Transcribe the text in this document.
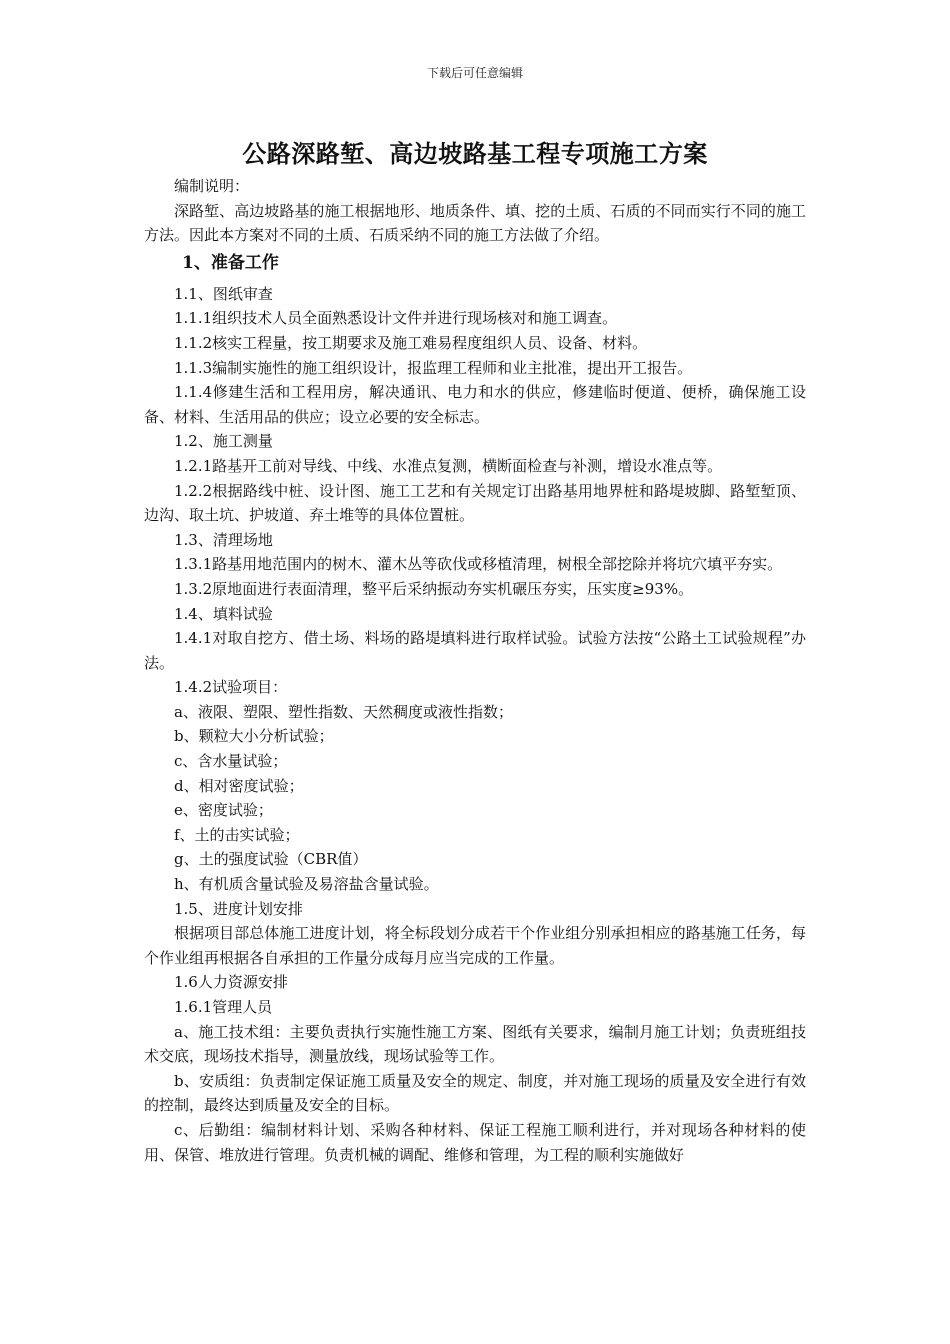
下载后可任意编辑
公路深路堑、高边坡路基工程专项施工方案

编制说明：

深路堑、高边坡路基的施工根据地形、地质条件、填、挖的土质、石质的不同而实行不同的施工方法。因此本方案对不同的土质、石质采纳不同的施工方法做了介绍。

1、准备工作

1.1、图纸审查

1.1.1组织技术人员全面熟悉设计文件并进行现场核对和施工调查。

1.1.2核实工程量，按工期要求及施工难易程度组织人员、设备、材料。

1.1.3编制实施性的施工组织设计，报监理工程师和业主批准，提出开工报告。

1.1.4修建生活和工程用房，解决通讯、电力和水的供应，修建临时便道、便桥，确保施工设备、材料、生活用品的供应；设立必要的安全标志。

1.2、施工测量

1.2.1路基开工前对导线、中线、水准点复测，横断面检查与补测，增设水准点等。

1.2.2根据路线中桩、设计图、施工工艺和有关规定订出路基用地界桩和路堤坡脚、路堑堑顶、边沟、取土坑、护坡道、弃土堆等的具体位置桩。

1.3、清理场地

1.3.1路基用地范围内的树木、灌木丛等砍伐或移植清理，树根全部挖除并将坑穴填平夯实。

1.3.2原地面进行表面清理，整平后采纳振动夯实机碾压夯实，压实度≥93%。

1.4、填料试验

1.4.1对取自挖方、借土场、料场的路堤填料进行取样试验。试验方法按“公路土工试验规程”办法。

1.4.2试验项目：

a、液限、塑限、塑性指数、天然稠度或液性指数；

b、颗粒大小分析试验；

c、含水量试验；

d、相对密度试验；

e、密度试验；

f、土的击实试验；

g、土的强度试验（CBR值）

h、有机质含量试验及易溶盐含量试验。

1.5、进度计划安排

根据项目部总体施工进度计划，将全标段划分成若干个作业组分别承担相应的路基施工任务，每个作业组再根据各自承担的工作量分成每月应当完成的工作量。

1.6人力资源安排

1.6.1管理人员

a、施工技术组：主要负责执行实施性施工方案、图纸有关要求，编制月施工计划；负责班组技术交底，现场技术指导，测量放线，现场试验等工作。

b、安质组：负责制定保证施工质量及安全的规定、制度，并对施工现场的质量及安全进行有效的控制，最终达到质量及安全的目标。

c、后勤组：编制材料计划、采购各种材料、保证工程施工顺利进行，并对现场各种材料的使用、保管、堆放进行管理。负责机械的调配、维修和管理，为工程的顺利实施做好
